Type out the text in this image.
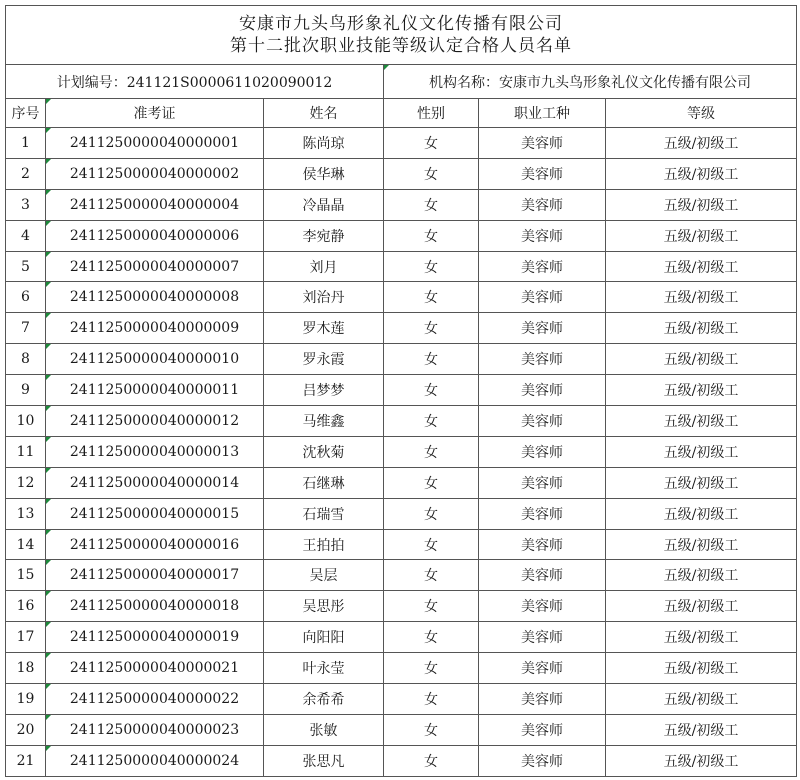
安康市九头鸟形象礼仪文化传播有限公司
第十二批次职业技能等级认定合格人员名单					

计划编号：241121S0000611020090012			机构名称：安康市九头鸟形象礼仪文化传播有限公司		
序号	准考证	姓名	性别	职业工种	等级
1	2411250000040000001	陈尚琼	女	美容师	五级/初级工
2	2411250000040000002	侯华琳	女	美容师	五级/初级工
3	2411250000040000004	冷晶晶	女	美容师	五级/初级工
4	2411250000040000006	李宛静	女	美容师	五级/初级工
5	2411250000040000007	刘月	女	美容师	五级/初级工
6	2411250000040000008	刘治丹	女	美容师	五级/初级工
7	2411250000040000009	罗木莲	女	美容师	五级/初级工
8	2411250000040000010	罗永霞	女	美容师	五级/初级工
9	2411250000040000011	吕梦梦	女	美容师	五级/初级工
10	2411250000040000012	马维鑫	女	美容师	五级/初级工
11	2411250000040000013	沈秋菊	女	美容师	五级/初级工
12	2411250000040000014	石继琳	女	美容师	五级/初级工
13	2411250000040000015	石瑞雪	女	美容师	五级/初级工
14	2411250000040000016	王拍拍	女	美容师	五级/初级工
15	2411250000040000017	吴层	女	美容师	五级/初级工
16	2411250000040000018	吴思彤	女	美容师	五级/初级工
17	2411250000040000019	向阳阳	女	美容师	五级/初级工
18	2411250000040000021	叶永莹	女	美容师	五级/初级工
19	2411250000040000022	余希希	女	美容师	五级/初级工
20	2411250000040000023	张敏	女	美容师	五级/初级工
21	2411250000040000024	张思凡	女	美容师	五级/初级工
